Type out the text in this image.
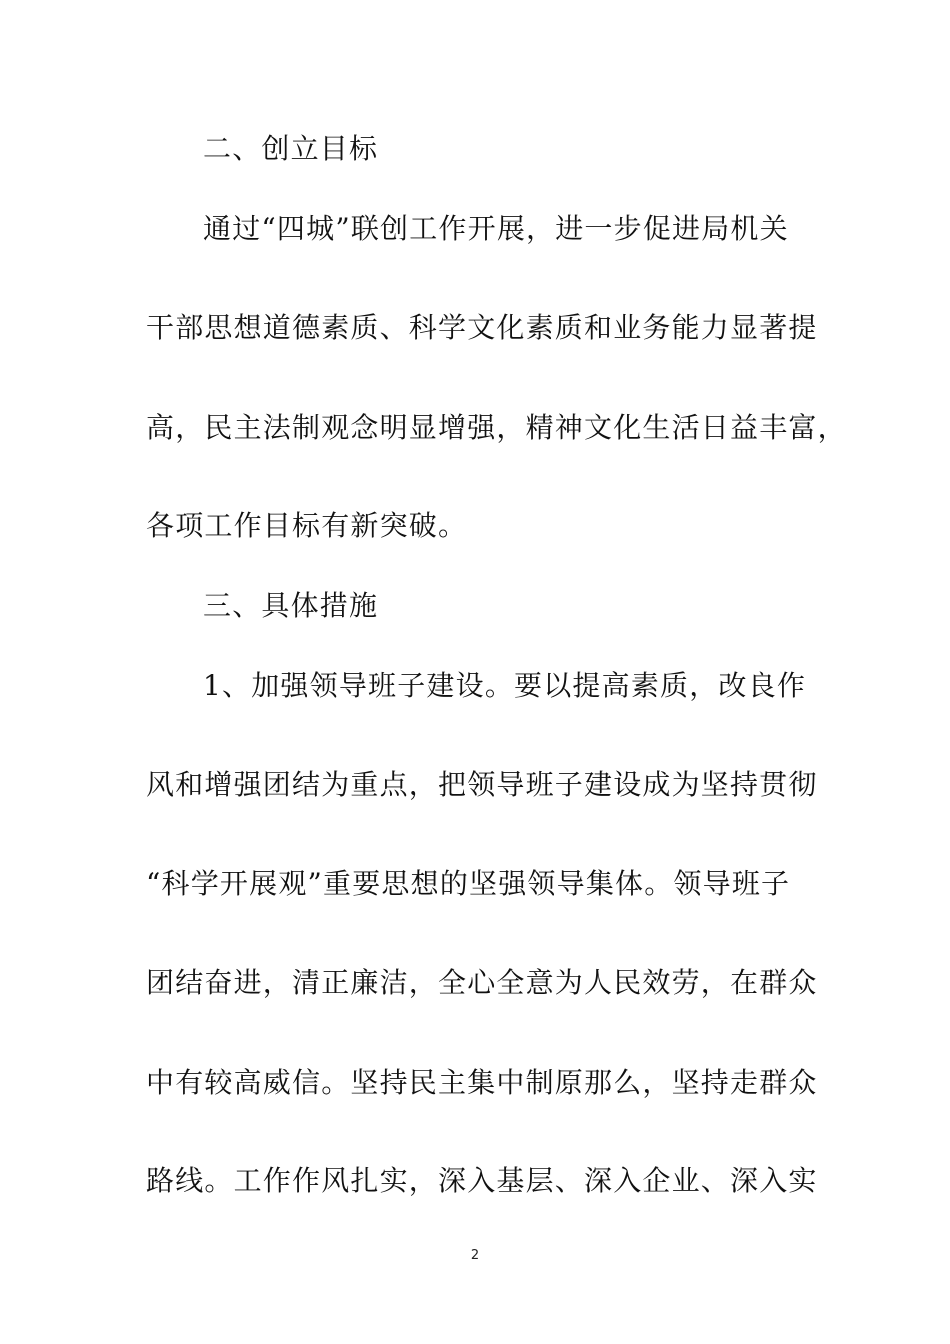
二、创立目标
通过“四城”联创工作开展，进一步促进局机关
干部思想道德素质、科学文化素质和业务能力显著提
高，民主法制观念明显增强，精神文化生活日益丰富，
各项工作目标有新突破。
三、具体措施
1、加强领导班子建设。要以提高素质，改良作
风和增强团结为重点，把领导班子建设成为坚持贯彻
“科学开展观”重要思想的坚强领导集体。领导班子
团结奋进，清正廉洁，全心全意为人民效劳，在群众
中有较高威信。坚持民主集中制原那么，坚持走群众
路线。工作作风扎实，深入基层、深入企业、深入实
2
